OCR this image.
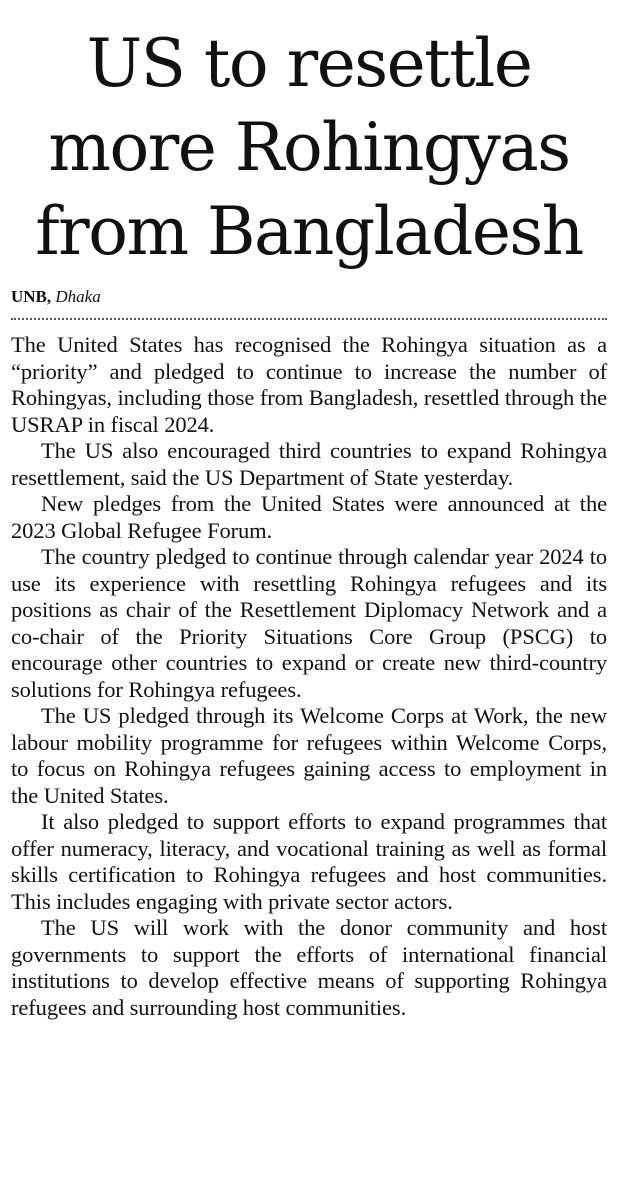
US to resettle
more Rohingyas
from Bangladesh
UNB, Dhaka

The United States has recognised the Rohingya situation as a “priority” and pledged to continue to increase the number of Rohingyas, including those from Bangladesh, resettled through the USRAP in fiscal 2024.

The US also encouraged third countries to expand Rohingya resettlement, said the US Department of State yesterday.

New pledges from the United States were announced at the 2023 Global Refugee Forum.

The country pledged to continue through calendar year 2024 to use its experience with resettling Rohingya refugees and its positions as chair of the Resettlement Diplomacy Network and a co-chair of the Priority Situations Core Group (PSCG) to encourage other countries to expand or create new third-country solutions for Rohingya refugees.

The US pledged through its Welcome Corps at Work, the new labour mobility programme for refugees within Welcome Corps, to focus on Rohingya refugees gaining access to employment in the United States.

It also pledged to support efforts to expand programmes that offer numeracy, literacy, and vocational training as well as formal skills certification to Rohingya refugees and host communities. This includes engaging with private sector actors.

The US will work with the donor community and host governments to support the efforts of international financial institutions to develop effective means of supporting Rohingya refugees and surrounding host communities.
